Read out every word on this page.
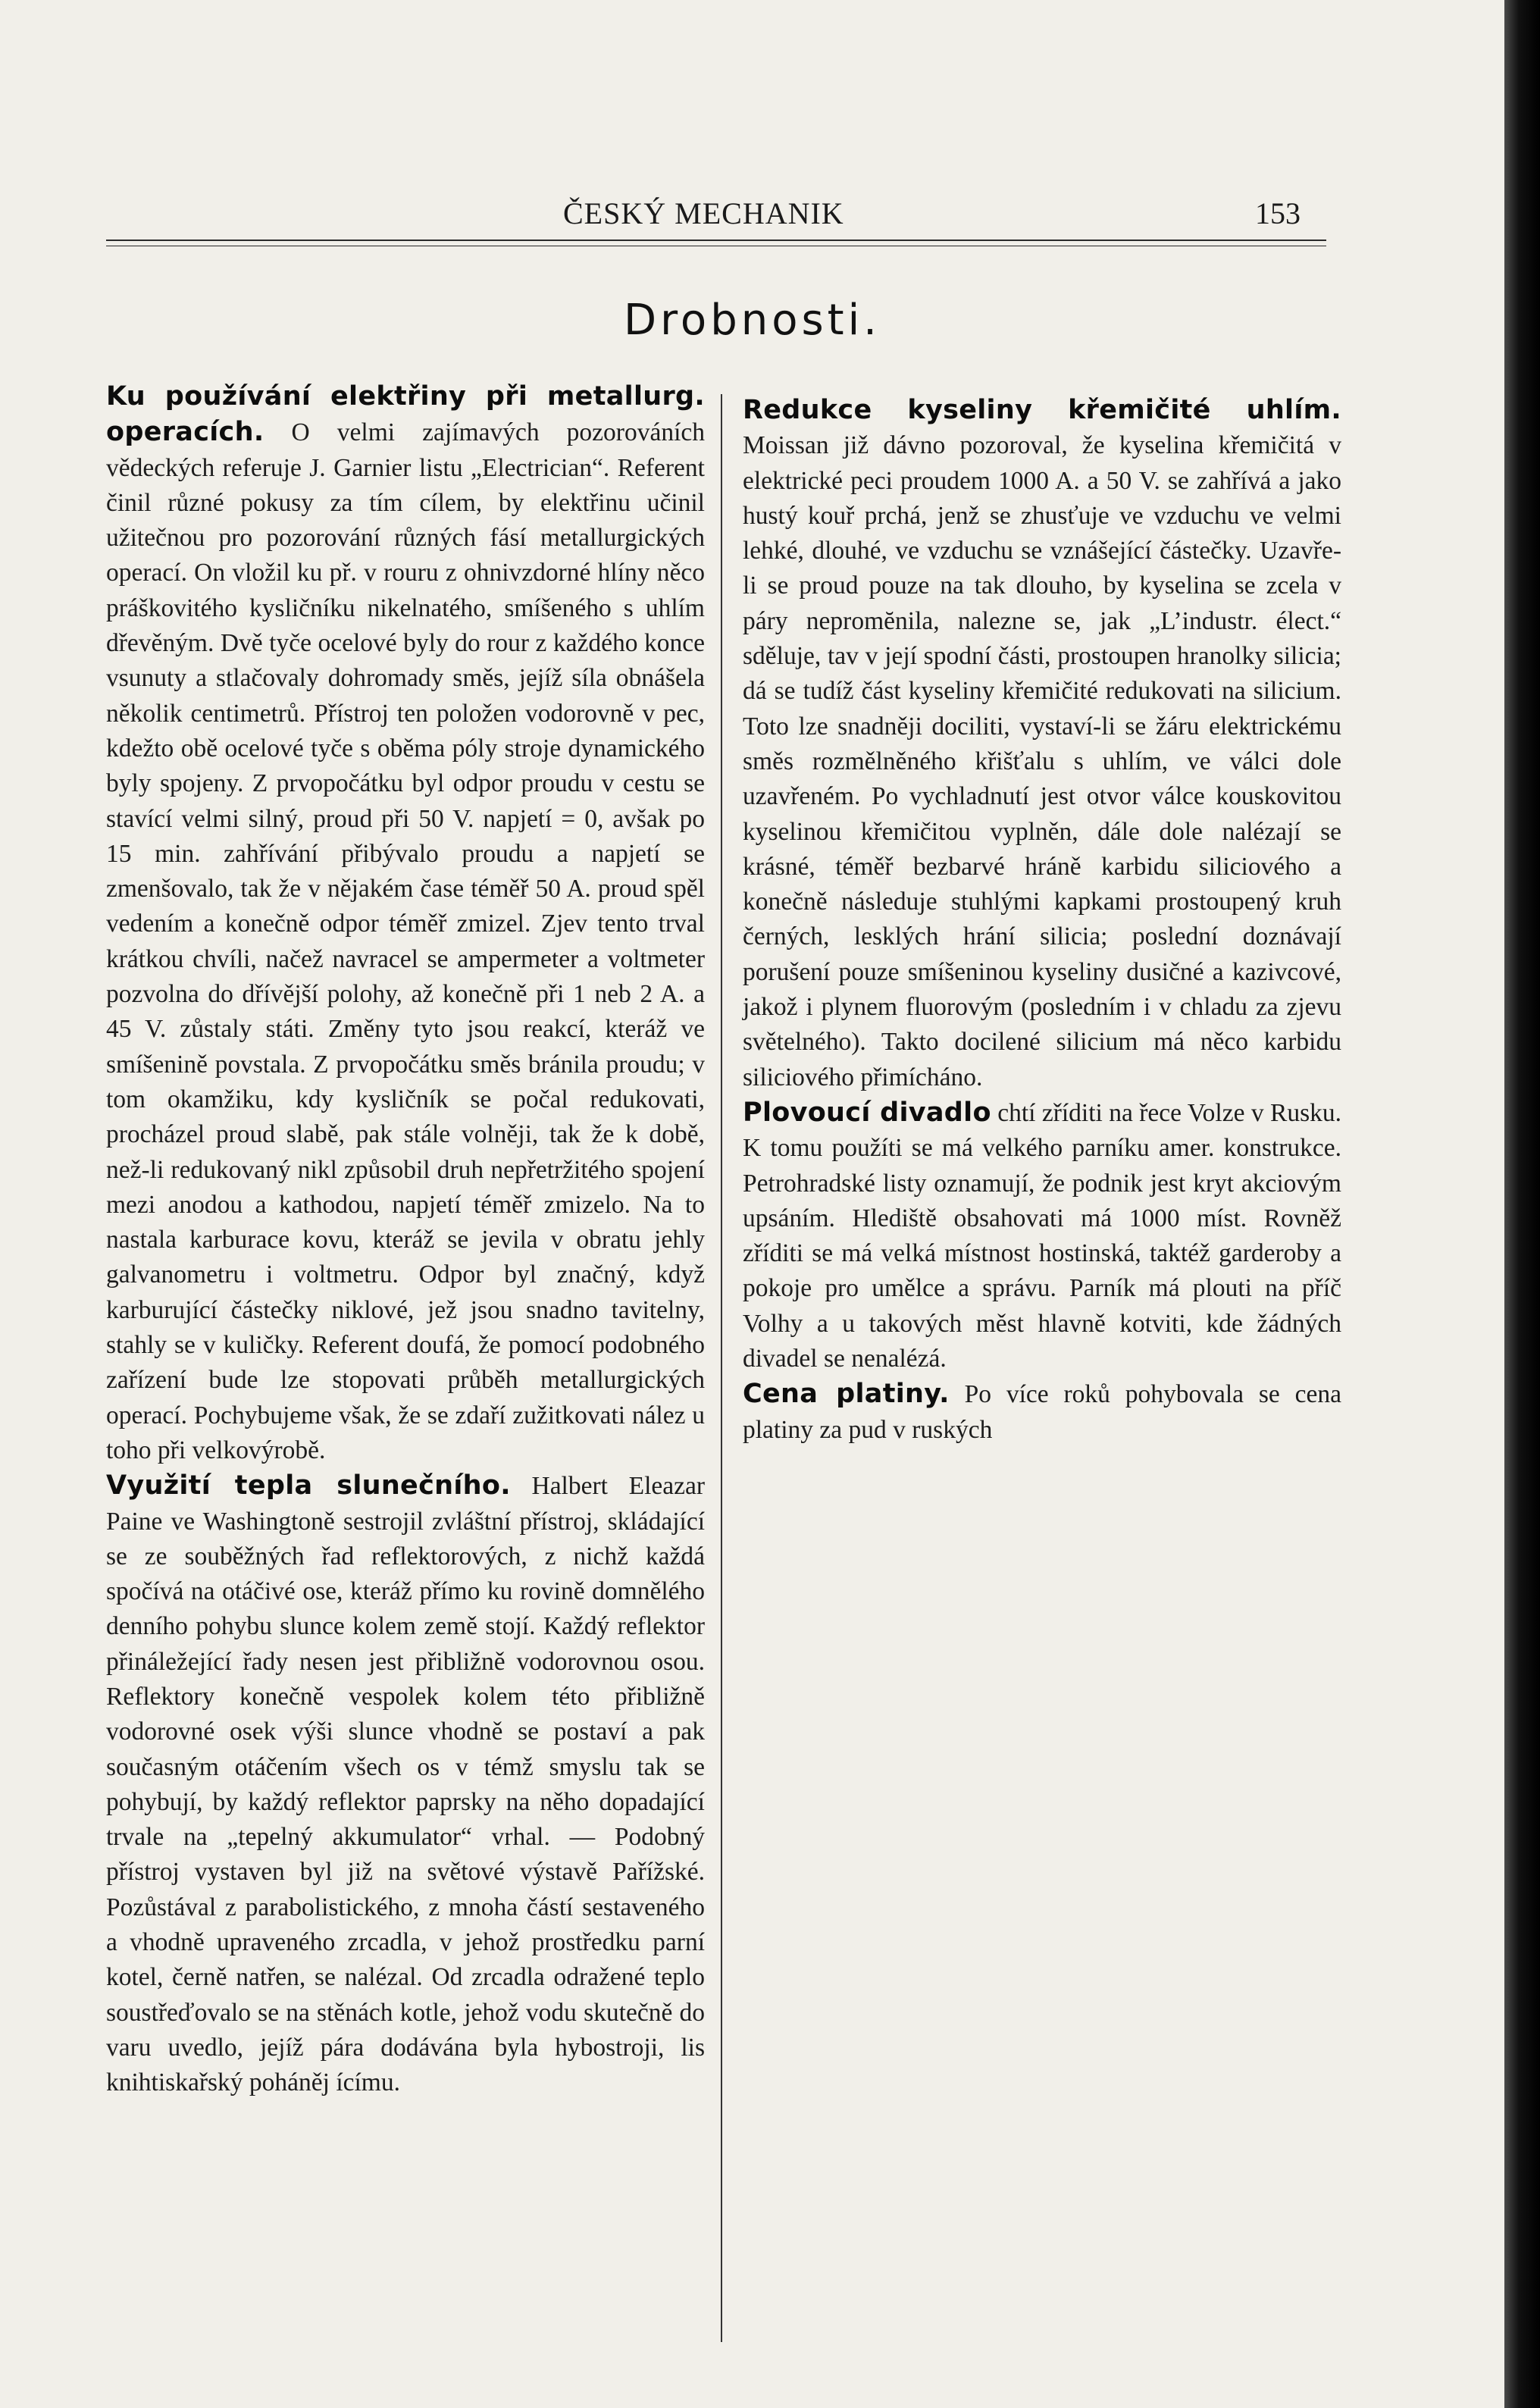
ČESKÝ MECHANIK	153
Drobnosti.

Ku používání elektřiny při metallurg. operacích. O velmi zajímavých pozorováních vědeckých referuje J. Garnier listu „Electrician“. Referent činil různé pokusy za tím cílem, by elektřinu učinil užitečnou pro pozorování různých fásí metallurgických operací. On vložil ku př. v rouru z ohnivzdorné hlíny něco práškovitého kysličníku nikelnatého, smíšeného s uhlím dřevěným. Dvě tyče ocelové byly do rour z každého konce vsunuty a stlačovaly dohromady směs, jejíž síla obnášela několik centimetrů. Přístroj ten položen vodorovně v pec, kdežto obě ocelové tyče s oběma póly stroje dynamického byly spojeny. Z prvopočátku byl odpor proudu v cestu se stavící velmi silný, proud při 50 V. napjetí = 0, avšak po 15 min. zahřívání přibývalo proudu a napjetí se zmenšovalo, tak že v nějakém čase téměř 50 A. proud spěl vedením a konečně odpor téměř zmizel. Zjev tento trval krátkou chvíli, načež navracel se ampermeter a voltmeter pozvolna do dřívější polohy, až konečně při 1 neb 2 A. a 45 V. zůstaly státi. Změny tyto jsou reakcí, kteráž ve smíšenině povstala. Z prvopočátku směs bránila proudu; v tom okamžiku, kdy kysličník se počal redukovati, procházel proud slabě, pak stále volněji, tak že k době, než-li redukovaný nikl způsobil druh nepřetržitého spojení mezi anodou a kathodou, napjetí téměř zmizelo. Na to nastala karburace kovu, kteráž se jevila v obratu jehly galvanometru i voltmetru. Odpor byl značný, když karburující částečky niklové, jež jsou snadno tavitelny, stahly se v kuličky. Referent doufá, že pomocí podobného zařízení bude lze stopovati průběh metallurgických operací. Pochybujeme však, že se zdaří zužitkovati nález u toho při velkovýrobě.

Využití tepla slunečního. Halbert Eleazar Paine ve Washingtoně sestrojil zvláštní přístroj, skládající se ze souběžných řad reflektorových, z nichž každá spočívá na otáčivé ose, kteráž přímo ku rovině domnělého denního pohybu slunce kolem země stojí. Každý reflektor přináležející řady nesen jest přibližně vodorovnou osou. Reflektory konečně vespolek kolem této přibližně vodorovné osek výši slunce vhodně se postaví a pak současným otáčením všech os v témž smyslu tak se pohybují, by každý reflektor paprsky na něho dopadající trvale na „tepelný akkumulator“ vrhal. — Podobný přístroj vystaven byl již na světové výstavě Pařížské. Pozůstával z parabolistického, z mnoha částí sestaveného a vhodně upraveného zrcadla, v jehož prostředku parní kotel, černě natřen, se nalézal. Od zrcadla odražené teplo soustřeďovalo se na stěnách kotle, jehož vodu skutečně do varu uvedlo, jejíž pára dodávána byla hybostroji, lis knihtiskařský poháněj ícímu.

Redukce kyseliny křemičité uhlím. Moissan již dávno pozoroval, že kyselina křemičitá v elektrické peci proudem 1000 A. a 50 V. se zahřívá a jako hustý kouř prchá, jenž se zhusťuje ve vzduchu ve velmi lehké, dlouhé, ve vzduchu se vznášející částečky. Uzavře-li se proud pouze na tak dlouho, by kyselina se zcela v páry nepromĕnila, nalezne se, jak „L’industr. élect.“ sděluje, tav v její spodní části, prostoupen hranolky silicia; dá se tudíž část kyseliny křemičité redukovati na silicium. Toto lze snadněji dociliti, vystaví-li se žáru elektrickému směs rozmělněného křišťalu s uhlím, ve válci dole uzavřeném. Po vychladnutí jest otvor válce kouskovitou kyselinou křemičitou vyplněn, dále dole nalézají se krásné, téměř bezbarvé hráně karbidu siliciového a konečně následuje stuhlými kapkami prostoupený kruh černých, lesklých hrání silicia; poslední doznávají porušení pouze smíšeninou kyseliny dusičné a kazivcové, jakož i plynem fluorovým (posledním i v chladu za zjevu světelného). Takto docilené silicium má něco karbidu siliciového přimícháno.

Plovoucí divadlo chtí zříditi na řece Volze v Rusku. K tomu použíti se má velkého parníku amer. konstrukce. Petrohradské listy oznamují, že podnik jest kryt akciovým upsáním. Hlediště obsahovati má 1000 míst. Rovněž zříditi se má velká místnost hostinská, taktéž garderoby a pokoje pro umělce a správu. Parník má plouti na příč Volhy a u takových měst hlavně kotviti, kde žádných divadel se nenalézá.

Cena platiny. Po více roků pohybovala se cena platiny za pud v ruských
